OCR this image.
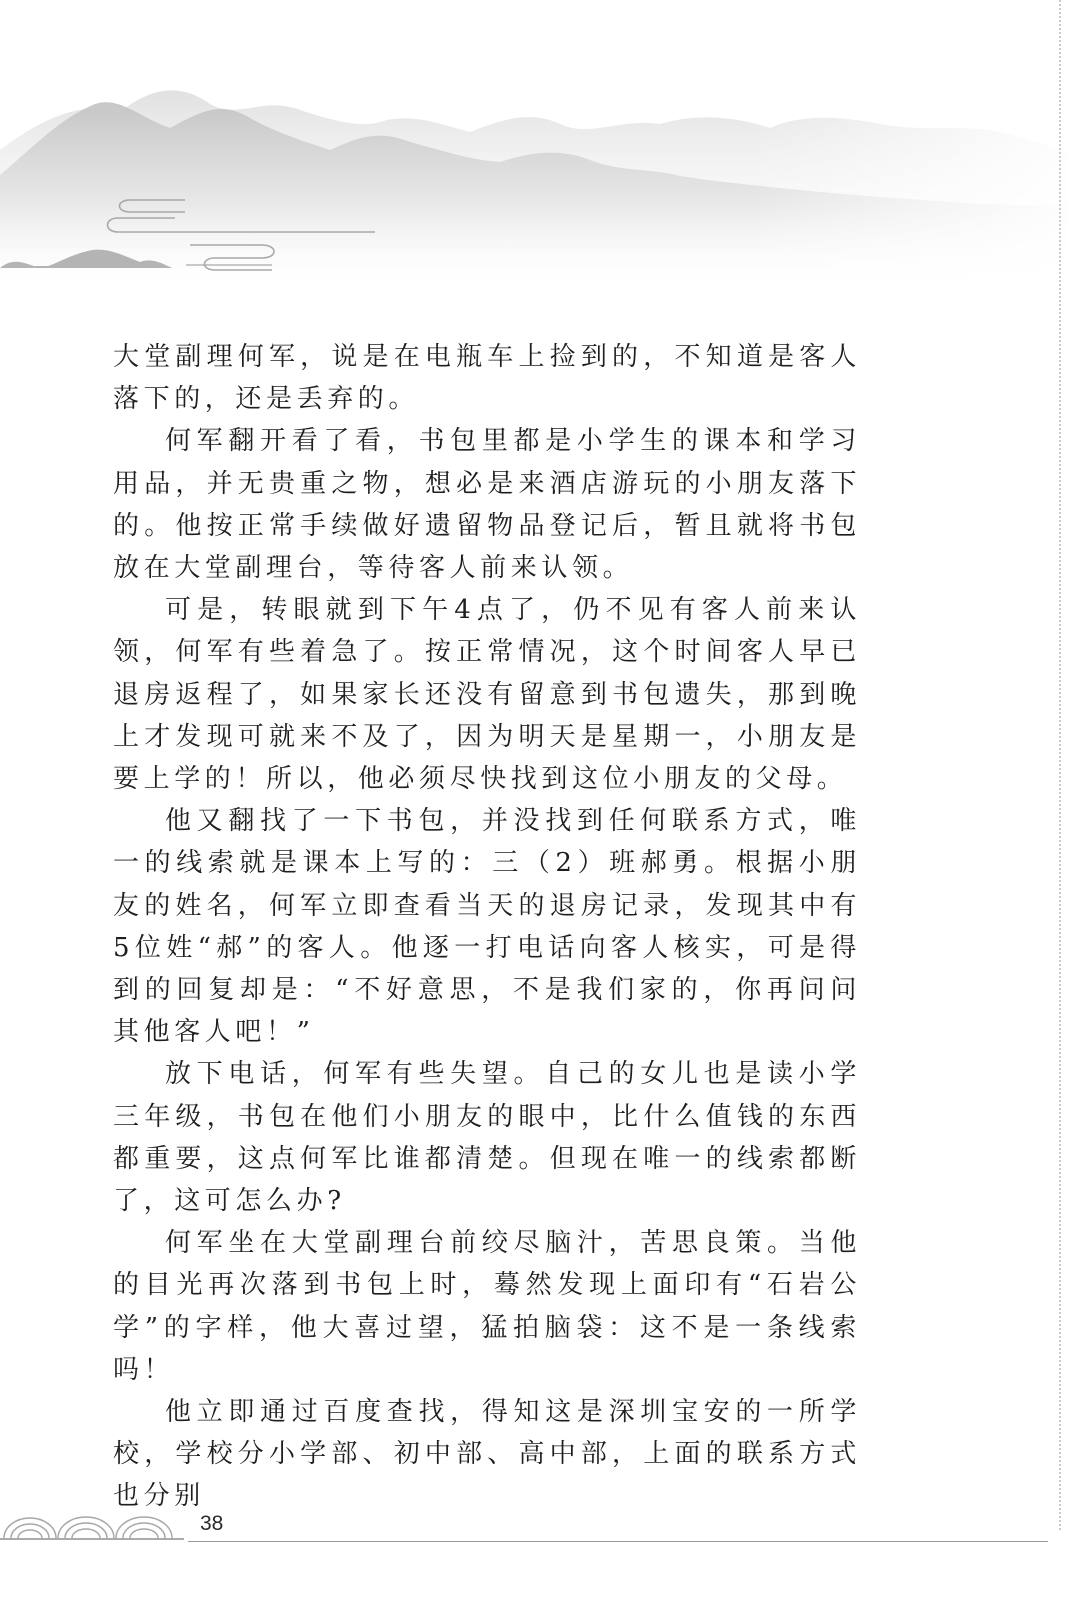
大堂副理何军，说是在电瓶车上捡到的，不知道是客人落下的，还是丢弃的。

何军翻开看了看，书包里都是小学生的课本和学习用品，并无贵重之物，想必是来酒店游玩的小朋友落下的。他按正常手续做好遗留物品登记后，暂且就将书包放在大堂副理台，等待客人前来认领。

可是，转眼就到下午4点了，仍不见有客人前来认领，何军有些着急了。按正常情况，这个时间客人早已退房返程了，如果家长还没有留意到书包遗失，那到晚上才发现可就来不及了，因为明天是星期一，小朋友是要上学的！所以，他必须尽快找到这位小朋友的父母。

他又翻找了一下书包，并没找到任何联系方式，唯一的线索就是课本上写的：三（2）班郝勇。根据小朋友的姓名，何军立即查看当天的退房记录，发现其中有5位姓“郝”的客人。他逐一打电话向客人核实，可是得到的回复却是：“不好意思，不是我们家的，你再问问其他客人吧！”

放下电话，何军有些失望。自己的女儿也是读小学三年级，书包在他们小朋友的眼中，比什么值钱的东西都重要，这点何军比谁都清楚。但现在唯一的线索都断了，这可怎么办?

何军坐在大堂副理台前绞尽脑汁，苦思良策。当他的目光再次落到书包上时，蓦然发现上面印有“石岩公学”的字样，他大喜过望，猛拍脑袋：这不是一条线索吗！

他立即通过百度查找，得知这是深圳宝安的一所学校，学校分小学部、初中部、高中部，上面的联系方式也分别

38
